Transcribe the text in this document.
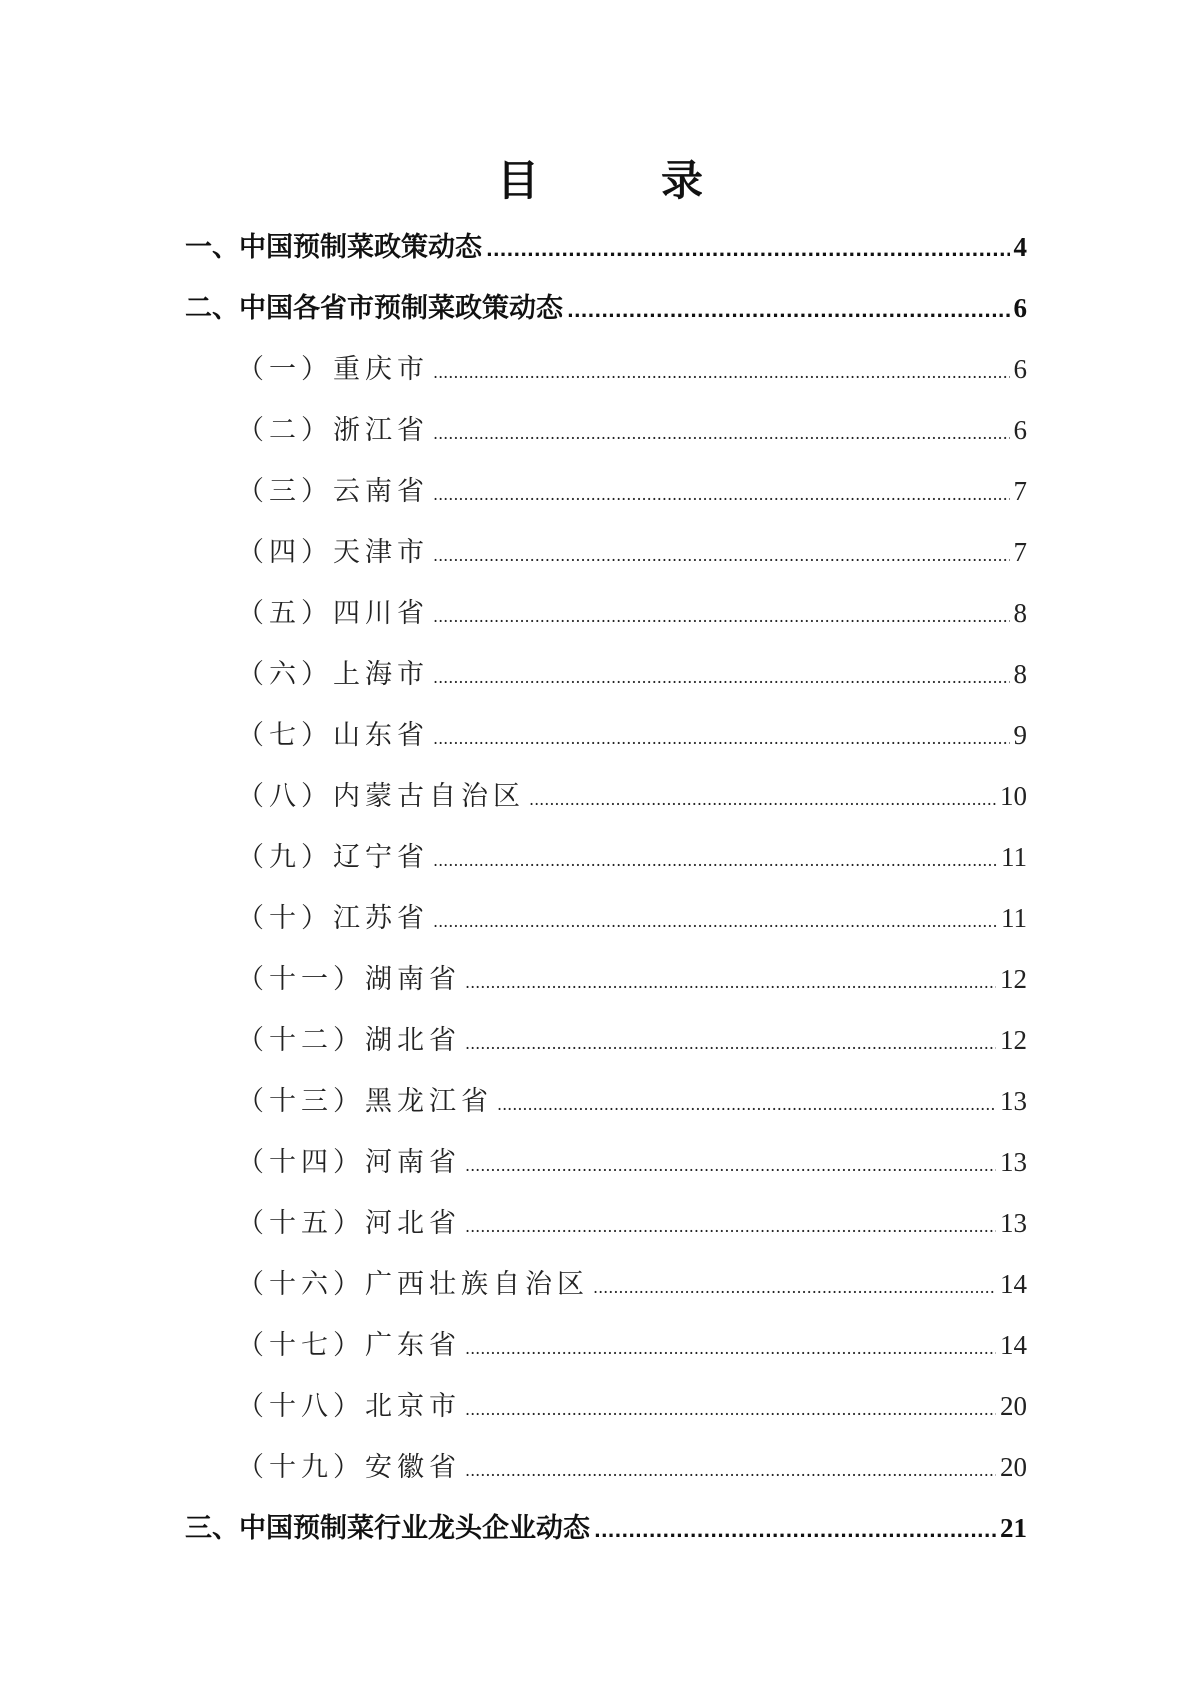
目　录
一、中国预制菜政策动态 .....	4
二、中国各省市预制菜政策动态 .....	6
（一）重庆市 .....	6
（二）浙江省 .....	6
（三）云南省 .....	7
（四）天津市 .....	7
（五）四川省 .....	8
（六）上海市 .....	8
（七）山东省 .....	9
（八）内蒙古自治区 .....	10
（九）辽宁省 .....	11
（十）江苏省 .....	11
（十一）湖南省 .....	12
（十二）湖北省 .....	12
（十三）黑龙江省 .....	13
（十四）河南省 .....	13
（十五）河北省 .....	13
（十六）广西壮族自治区 .....	14
（十七）广东省 .....	14
（十八）北京市 .....	20
（十九）安徽省 .....	20
三、中国预制菜行业龙头企业动态 .....	21
